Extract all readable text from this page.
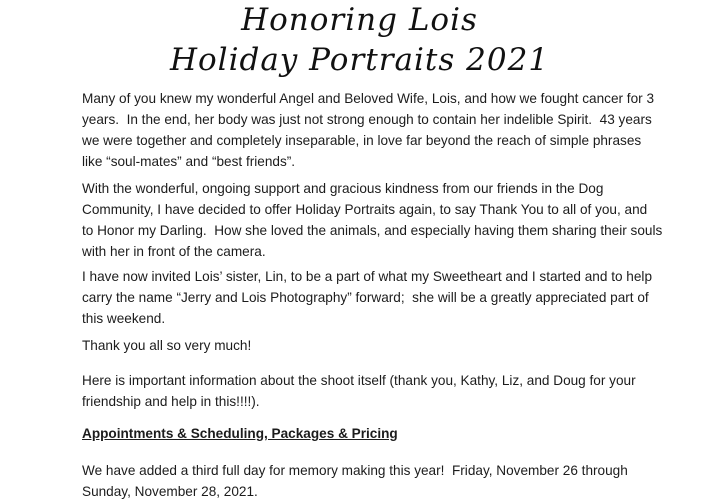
Honoring Lois
Holiday Portraits 2021
Many of you knew my wonderful Angel and Beloved Wife, Lois, and how we fought cancer for 3
years.  In the end, her body was just not strong enough to contain her indelible Spirit.  43 years
we were together and completely inseparable, in love far beyond the reach of simple phrases
like “soul-mates” and “best friends”.
With the wonderful, ongoing support and gracious kindness from our friends in the Dog
Community, I have decided to offer Holiday Portraits again, to say Thank You to all of you, and
to Honor my Darling.  How she loved the animals, and especially having them sharing their souls
with her in front of the camera.
I have now invited Lois’ sister, Lin, to be a part of what my Sweetheart and I started and to help
carry the name “Jerry and Lois Photography” forward;  she will be a greatly appreciated part of
this weekend.
Thank you all so very much!
Here is important information about the shoot itself (thank you, Kathy, Liz, and Doug for your
friendship and help in this!!!!).
Appointments & Scheduling, Packages & Pricing
We have added a third full day for memory making this year!  Friday, November 26 through
Sunday, November 28, 2021.
